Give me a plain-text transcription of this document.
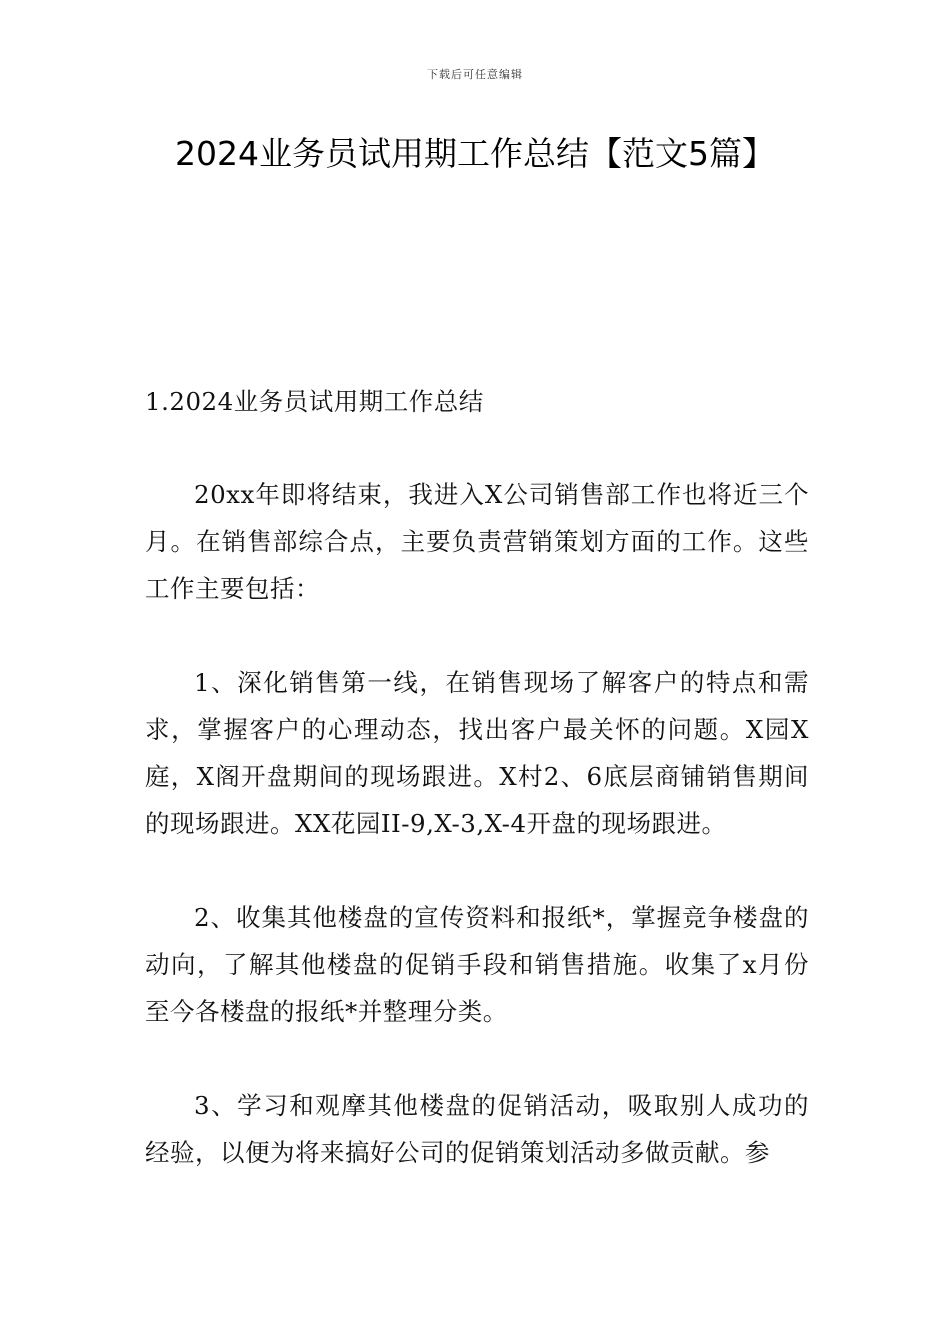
下载后可任意编辑
2024业务员试用期工作总结【范文5篇】
1.2024业务员试用期工作总结

20xx年即将结束，我进入X公司销售部工作也将近三个月。在销售部综合点，主要负责营销策划方面的工作。这些工作主要包括：

1、深化销售第一线，在销售现场了解客户的特点和需求，掌握客户的心理动态，找出客户最关怀的问题。X园X庭，X阁开盘期间的现场跟进。X村2、6底层商铺销售期间的现场跟进。XX花园II-9,X-3,X-4开盘的现场跟进。

2、收集其他楼盘的宣传资料和报纸*，掌握竞争楼盘的动向，了解其他楼盘的促销手段和销售措施。收集了x月份至今各楼盘的报纸*并整理分类。

3、学习和观摩其他楼盘的促销活动，吸取别人成功的经验，以便为将来搞好公司的促销策划活动多做贡献。参
